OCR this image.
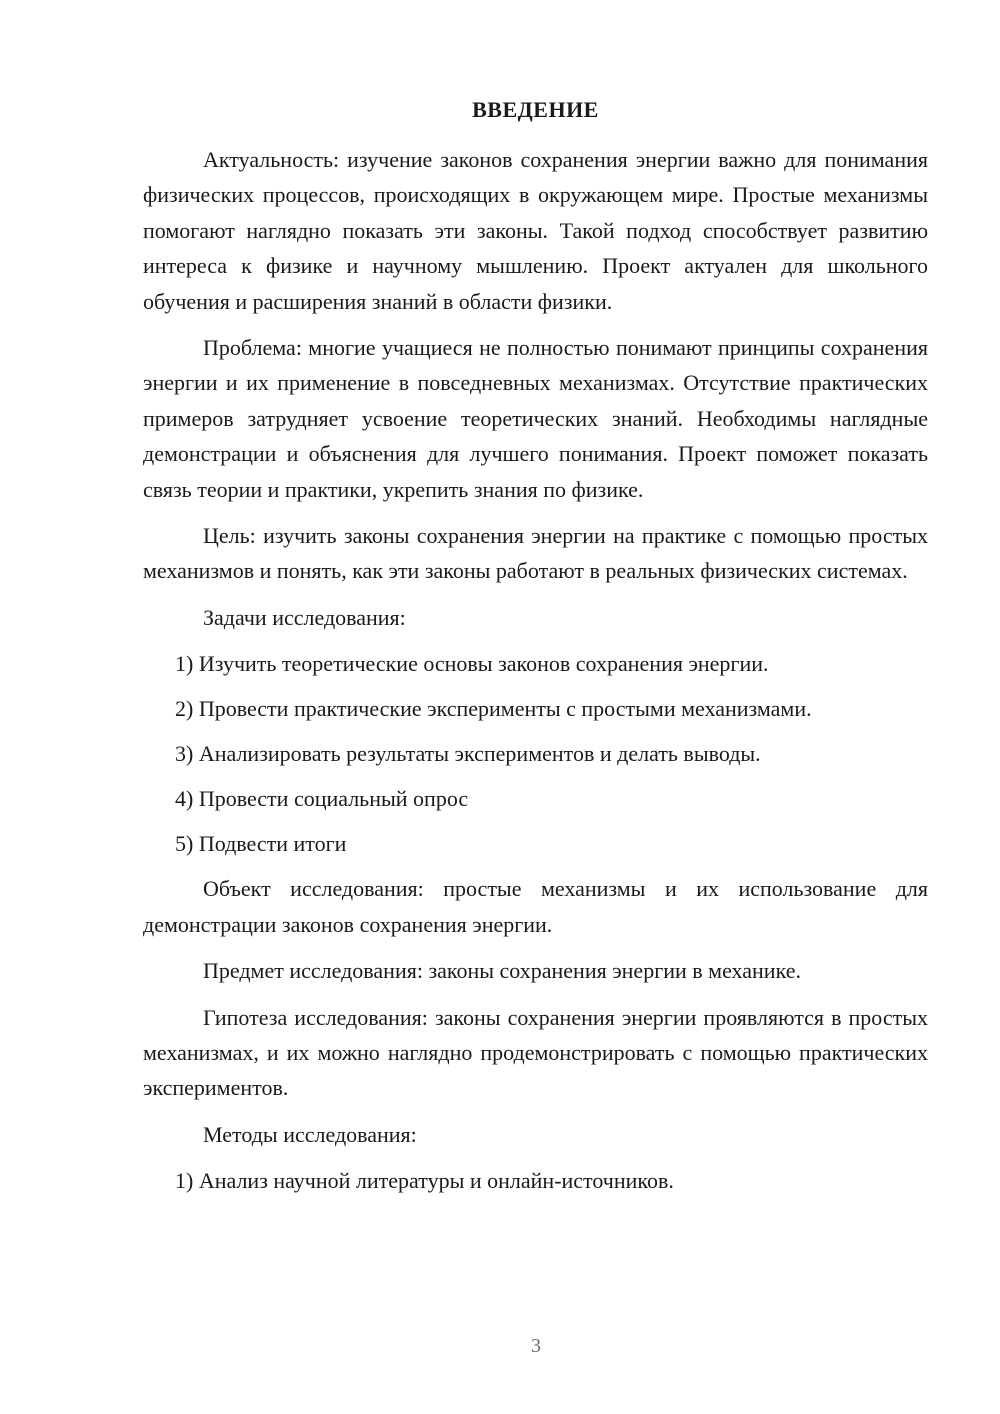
ВВЕДЕНИЕ

Актуальность: изучение законов сохранения энергии важно для понимания физических процессов, происходящих в окружающем мире. Простые механизмы помогают наглядно показать эти законы. Такой подход способствует развитию интереса к физике и научному мышлению. Проект актуален для школьного обучения и расширения знаний в области физики.

Проблема: многие учащиеся не полностью понимают принципы сохранения энергии и их применение в повседневных механизмах. Отсутствие практических примеров затрудняет усвоение теоретических знаний. Необходимы наглядные демонстрации и объяснения для лучшего понимания. Проект поможет показать связь теории и практики, укрепить знания по физике.

Цель: изучить законы сохранения энергии на практике с помощью простых механизмов и понять, как эти законы работают в реальных физических системах.

Задачи исследования:

1) Изучить теоретические основы законов сохранения энергии.

2) Провести практические эксперименты с простыми механизмами.

3) Анализировать результаты экспериментов и делать выводы.

4) Провести социальный опрос

5) Подвести итоги

Объект исследования: простые механизмы и их использование для демонстрации законов сохранения энергии.

Предмет исследования: законы сохранения энергии в механике.

Гипотеза исследования: законы сохранения энергии проявляются в простых механизмах, и их можно наглядно продемонстрировать с помощью практических экспериментов.

Методы исследования:

1) Анализ научной литературы и онлайн-источников.

3
